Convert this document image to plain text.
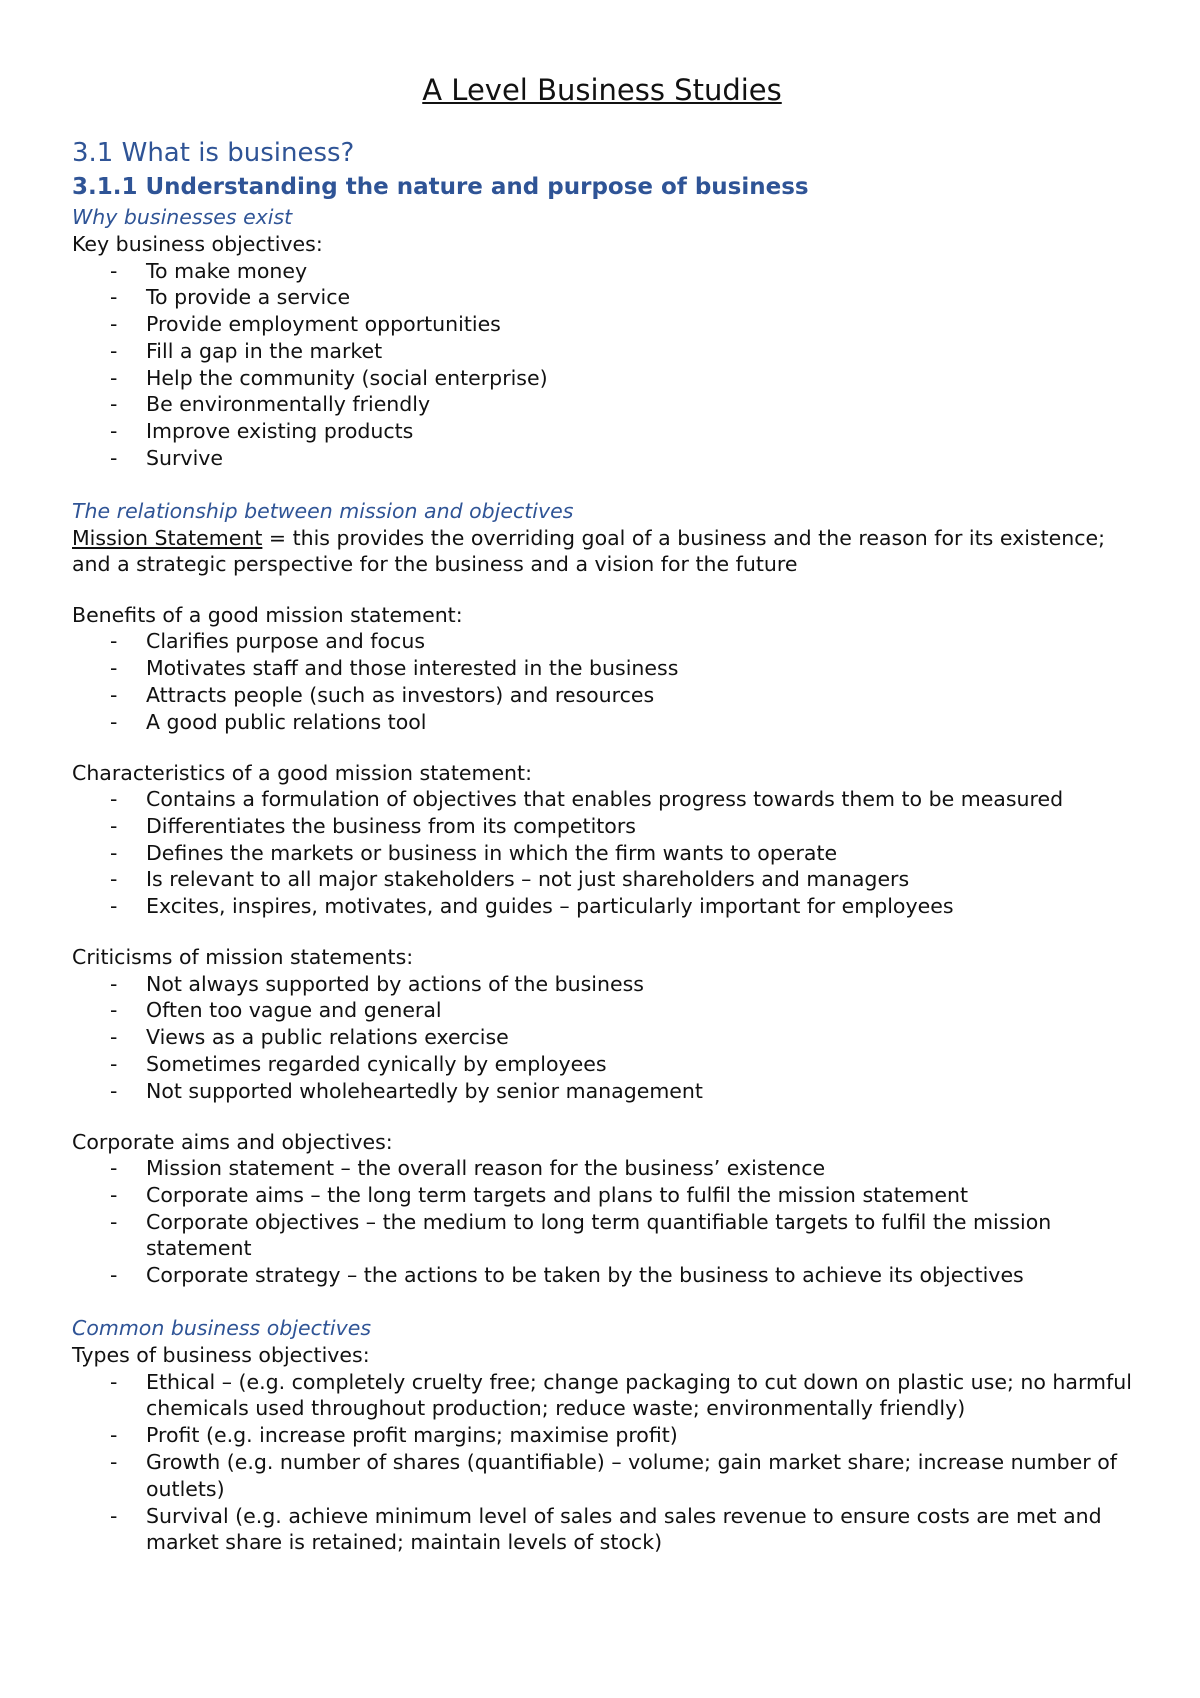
A Level Business Studies
3.1 What is business?
3.1.1 Understanding the nature and purpose of business
Why businesses exist
Key business objectives:
- To make money
- To provide a service
- Provide employment opportunities
- Fill a gap in the market
- Help the community (social enterprise)
- Be environmentally friendly
- Improve existing products
- Survive
The relationship between mission and objectives
Mission Statement = this provides the overriding goal of a business and the reason for its existence; and a strategic perspective for the business and a vision for the future
Benefits of a good mission statement:
- Clarifies purpose and focus
- Motivates staff and those interested in the business
- Attracts people (such as investors) and resources
- A good public relations tool
Characteristics of a good mission statement:
- Contains a formulation of objectives that enables progress towards them to be measured
- Differentiates the business from its competitors
- Defines the markets or business in which the firm wants to operate
- Is relevant to all major stakeholders – not just shareholders and managers
- Excites, inspires, motivates, and guides – particularly important for employees
Criticisms of mission statements:
- Not always supported by actions of the business
- Often too vague and general
- Views as a public relations exercise
- Sometimes regarded cynically by employees
- Not supported wholeheartedly by senior management
Corporate aims and objectives:
- Mission statement – the overall reason for the business’ existence
- Corporate aims – the long term targets and plans to fulfil the mission statement
- Corporate objectives – the medium to long term quantifiable targets to fulfil the mission statement
- Corporate strategy – the actions to be taken by the business to achieve its objectives
Common business objectives
Types of business objectives:
- Ethical – (e.g. completely cruelty free; change packaging to cut down on plastic use; no harmful chemicals used throughout production; reduce waste; environmentally friendly)
- Profit (e.g. increase profit margins; maximise profit)
- Growth (e.g. number of shares (quantifiable) – volume; gain market share; increase number of outlets)
- Survival (e.g. achieve minimum level of sales and sales revenue to ensure costs are met and market share is retained; maintain levels of stock)
